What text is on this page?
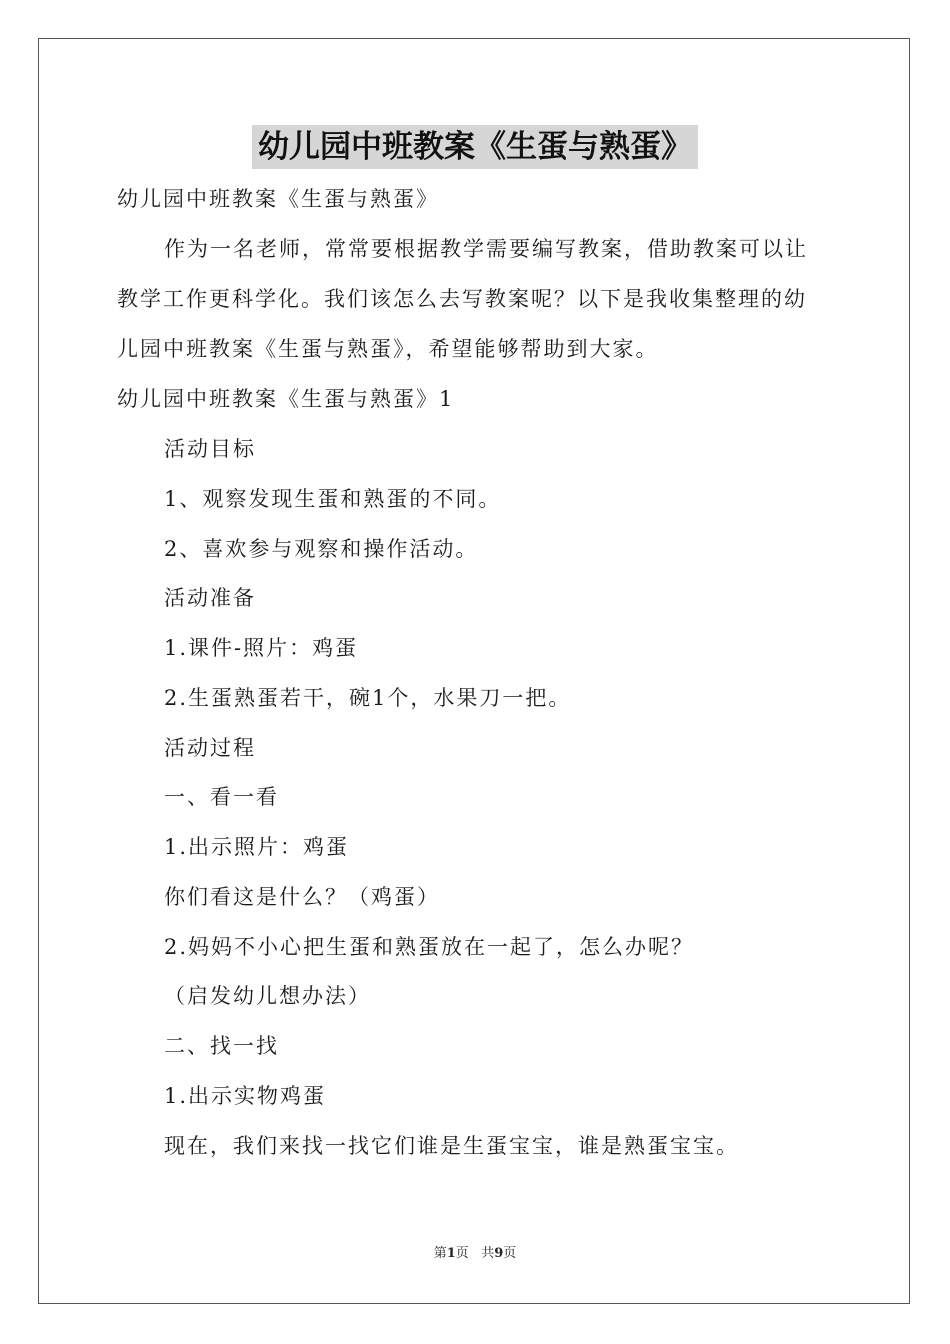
幼儿园中班教案《生蛋与熟蛋》
幼儿园中班教案《生蛋与熟蛋》
作为一名老师，常常要根据教学需要编写教案，借助教案可以让
教学工作更科学化。我们该怎么去写教案呢？以下是我收集整理的幼
儿园中班教案《生蛋与熟蛋》，希望能够帮助到大家。
幼儿园中班教案《生蛋与熟蛋》1
活动目标
1、观察发现生蛋和熟蛋的不同。
2、喜欢参与观察和操作活动。
活动准备
1.课件-照片：鸡蛋
2.生蛋熟蛋若干，碗1个，水果刀一把。
活动过程
一、看一看
1.出示照片：鸡蛋
你们看这是什么？（鸡蛋）
2.妈妈不小心把生蛋和熟蛋放在一起了，怎么办呢？
（启发幼儿想办法）
二、找一找
1.出示实物鸡蛋
现在，我们来找一找它们谁是生蛋宝宝，谁是熟蛋宝宝。
第1页 共9页
